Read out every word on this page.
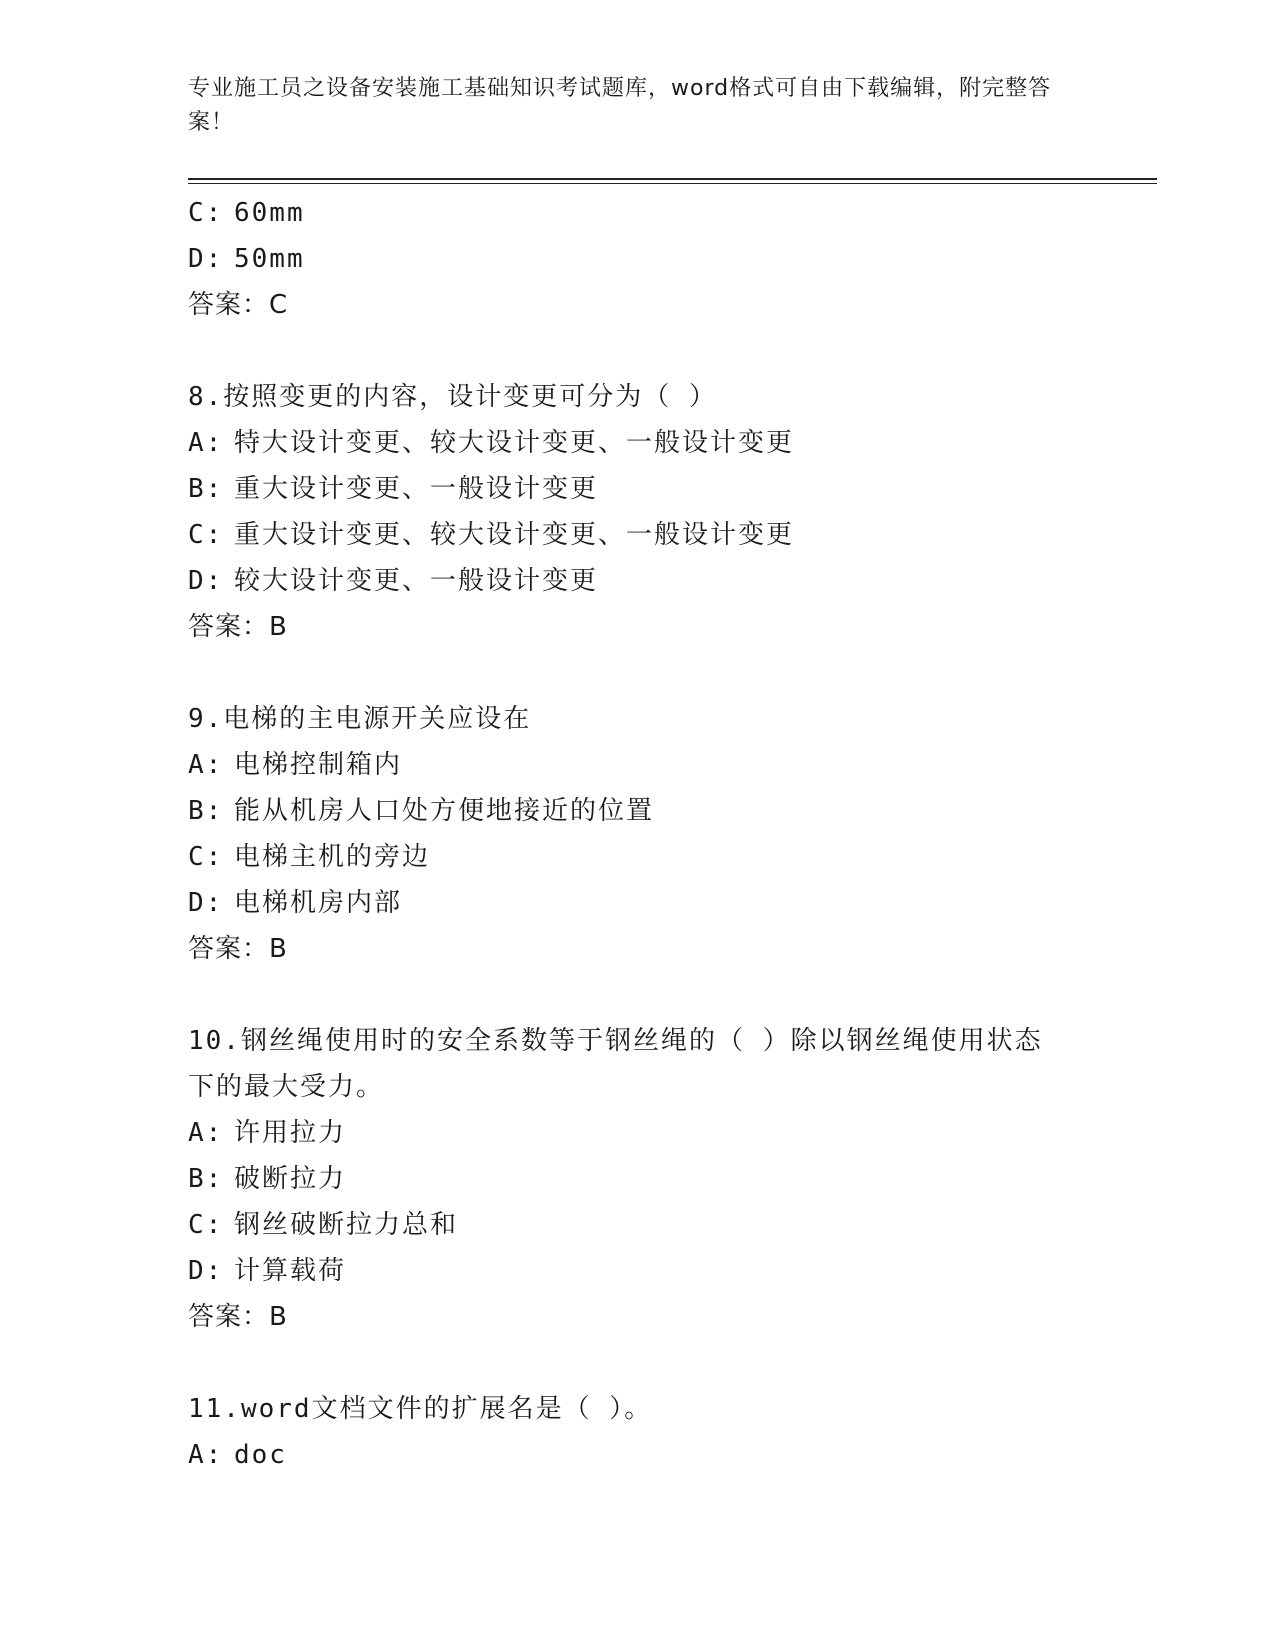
专业施工员之设备安装施工基础知识考试题库，word格式可自由下载编辑，附完整答案！
C: 60mm
D: 50mm
答案：C
8.按照变更的内容，设计变更可分为（ ）
A: 特大设计变更、较大设计变更、一般设计变更
B: 重大设计变更、一般设计变更
C: 重大设计变更、较大设计变更、一般设计变更
D: 较大设计变更、一般设计变更
答案：B
9.电梯的主电源开关应设在
A: 电梯控制箱内
B: 能从机房人口处方便地接近的位置
C: 电梯主机的旁边
D: 电梯机房内部
答案：B
10.钢丝绳使用时的安全系数等于钢丝绳的（ ）除以钢丝绳使用状态下的最大受力。
A: 许用拉力
B: 破断拉力
C: 钢丝破断拉力总和
D: 计算载荷
答案：B
11.word文档文件的扩展名是（ ）。
A: doc
